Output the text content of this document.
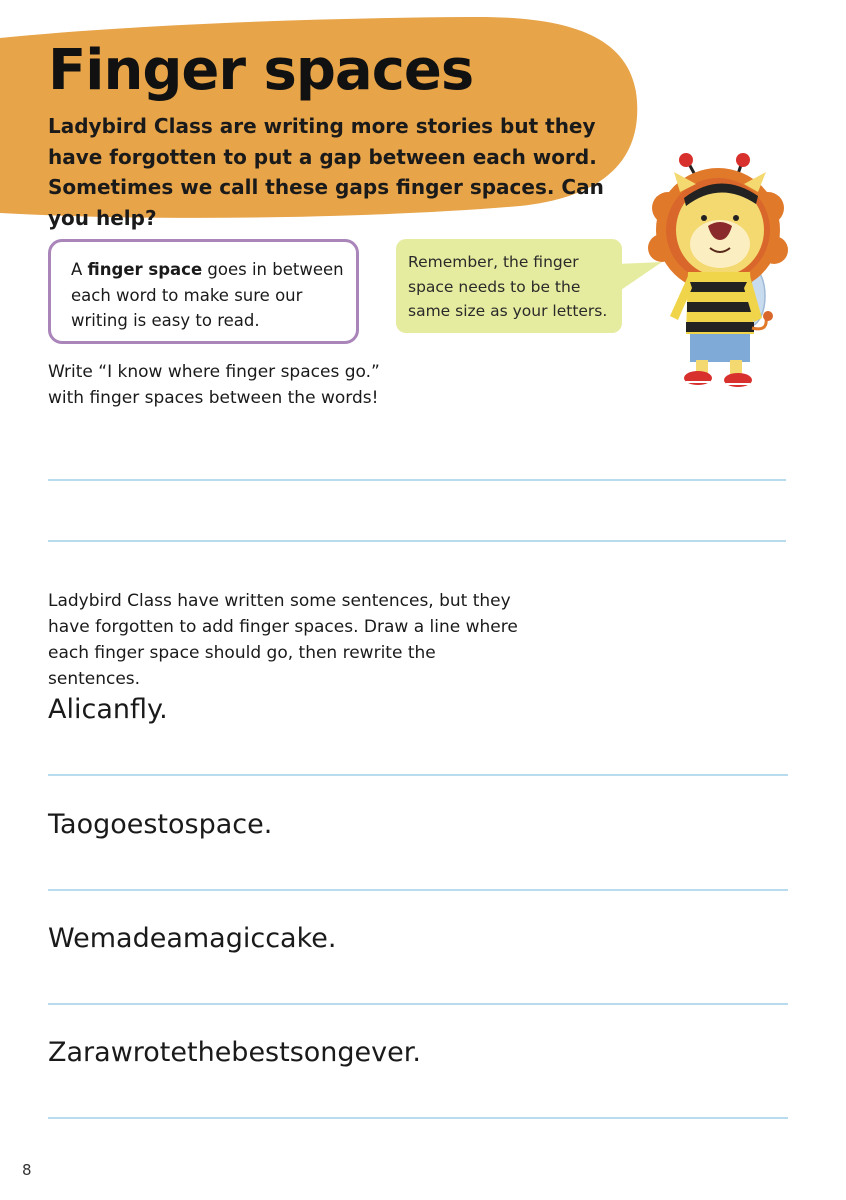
Finger spaces

Ladybird Class are writing more stories but they have forgotten to put a gap between each word. Sometimes we call these gaps finger spaces. Can you help?

A finger space goes in between each word to make sure our writing is easy to read.
Remember, the finger space needs to be the same size as your letters.

Write “I know where finger spaces go.” with finger spaces between the words!

Ladybird Class have written some sentences, but they have forgotten to add finger spaces. Draw a line where each finger space should go, then rewrite the sentences.

Alicanfly.

Taogoestospace.

Wemadeamagiccake.

Zarawrotethebestsongever.

8
